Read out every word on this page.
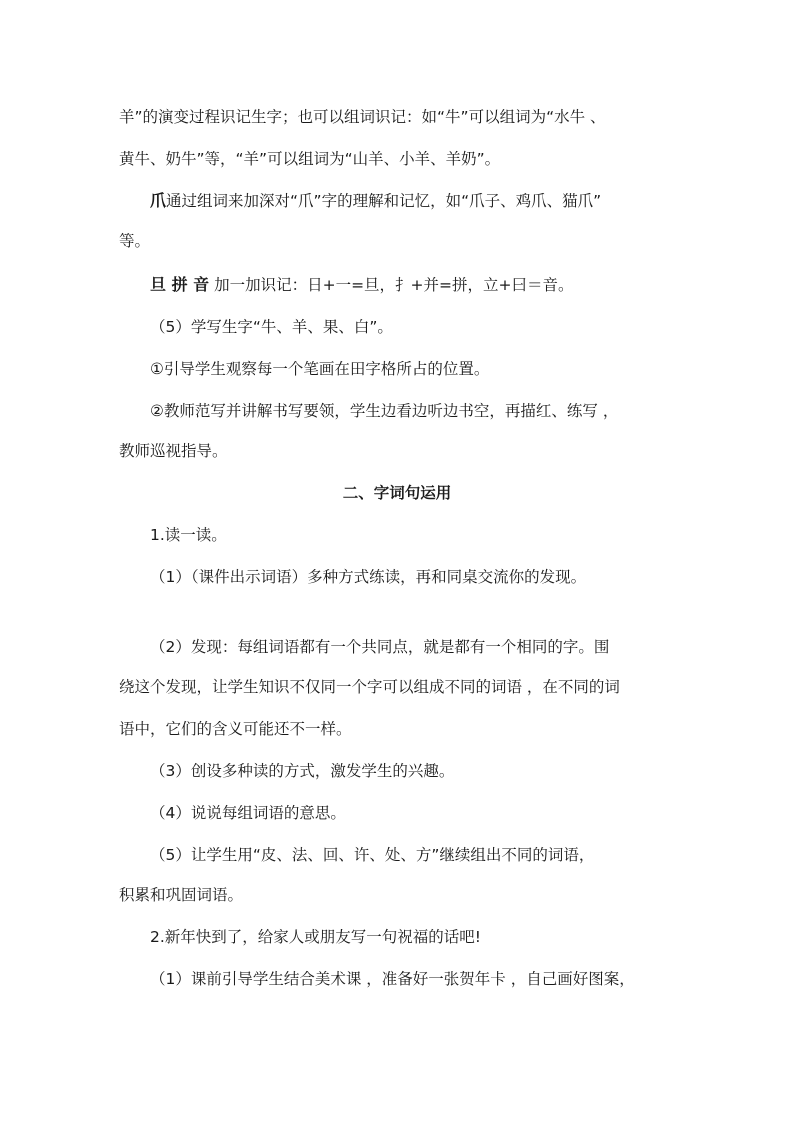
羊”的演变过程识记生字；也可以组词识记：如“牛”可以组词为“水牛 、
黄牛、奶牛”等，“羊”可以组词为“山羊、小羊、羊奶”。
爪通过组词来加深对“爪”字的理解和记忆，如“爪子、鸡爪、猫爪”
等。
旦 拼 音 加一加识记：日+一=旦，扌+并=拼，立+曰＝音。
（5）学写生字“牛、羊、果、白”。
①引导学生观察每一个笔画在田字格所占的位置。
②教师范写并讲解书写要领，学生边看边听边书空，再描红、练写 ，
教师巡视指导。
二、字词句运用
1.读一读。
（1）（课件出示词语）多种方式练读，再和同桌交流你的发现。
（2）发现：每组词语都有一个共同点，就是都有一个相同的字。围
绕这个发现，让学生知识不仅同一个字可以组成不同的词语 ，在不同的词
语中，它们的含义可能还不一样。
（3）创设多种读的方式，激发学生的兴趣。
（4）说说每组词语的意思。
（5）让学生用“皮、法、回、许、处、方”继续组出不同的词语，
积累和巩固词语。
2.新年快到了，给家人或朋友写一句祝福的话吧!
（1）课前引导学生结合美术课 ，准备好一张贺年卡 ，自己画好图案，
